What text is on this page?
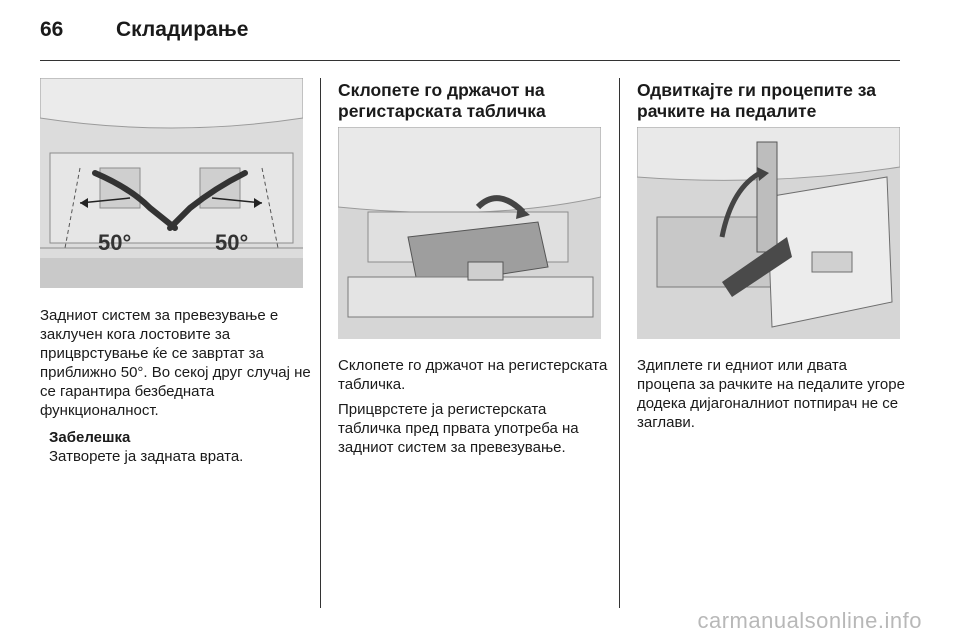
66	Складирање
50°	50°

Задниот систем за превезување е заклучен кога лостовите за прицврстување ќе се завртат за приближно 50°. Во секој друг случај не се гарантира безбедната функционалност.

Забелешка
Затворете ја задната врата.
Склопете го држачот на регистарската табличка

Склопете го држачот на регистерската табличка.

Прицврстете ја регистерската табличка пред првата употреба на задниот систем за превезување.

Одвиткајте ги процепите за рачките на педалите

Здиплете ги едниот или двата процепа за рачките на педалите угоре додека дијагоналниот потпирач не се заглави.

carmanualsonline.info
